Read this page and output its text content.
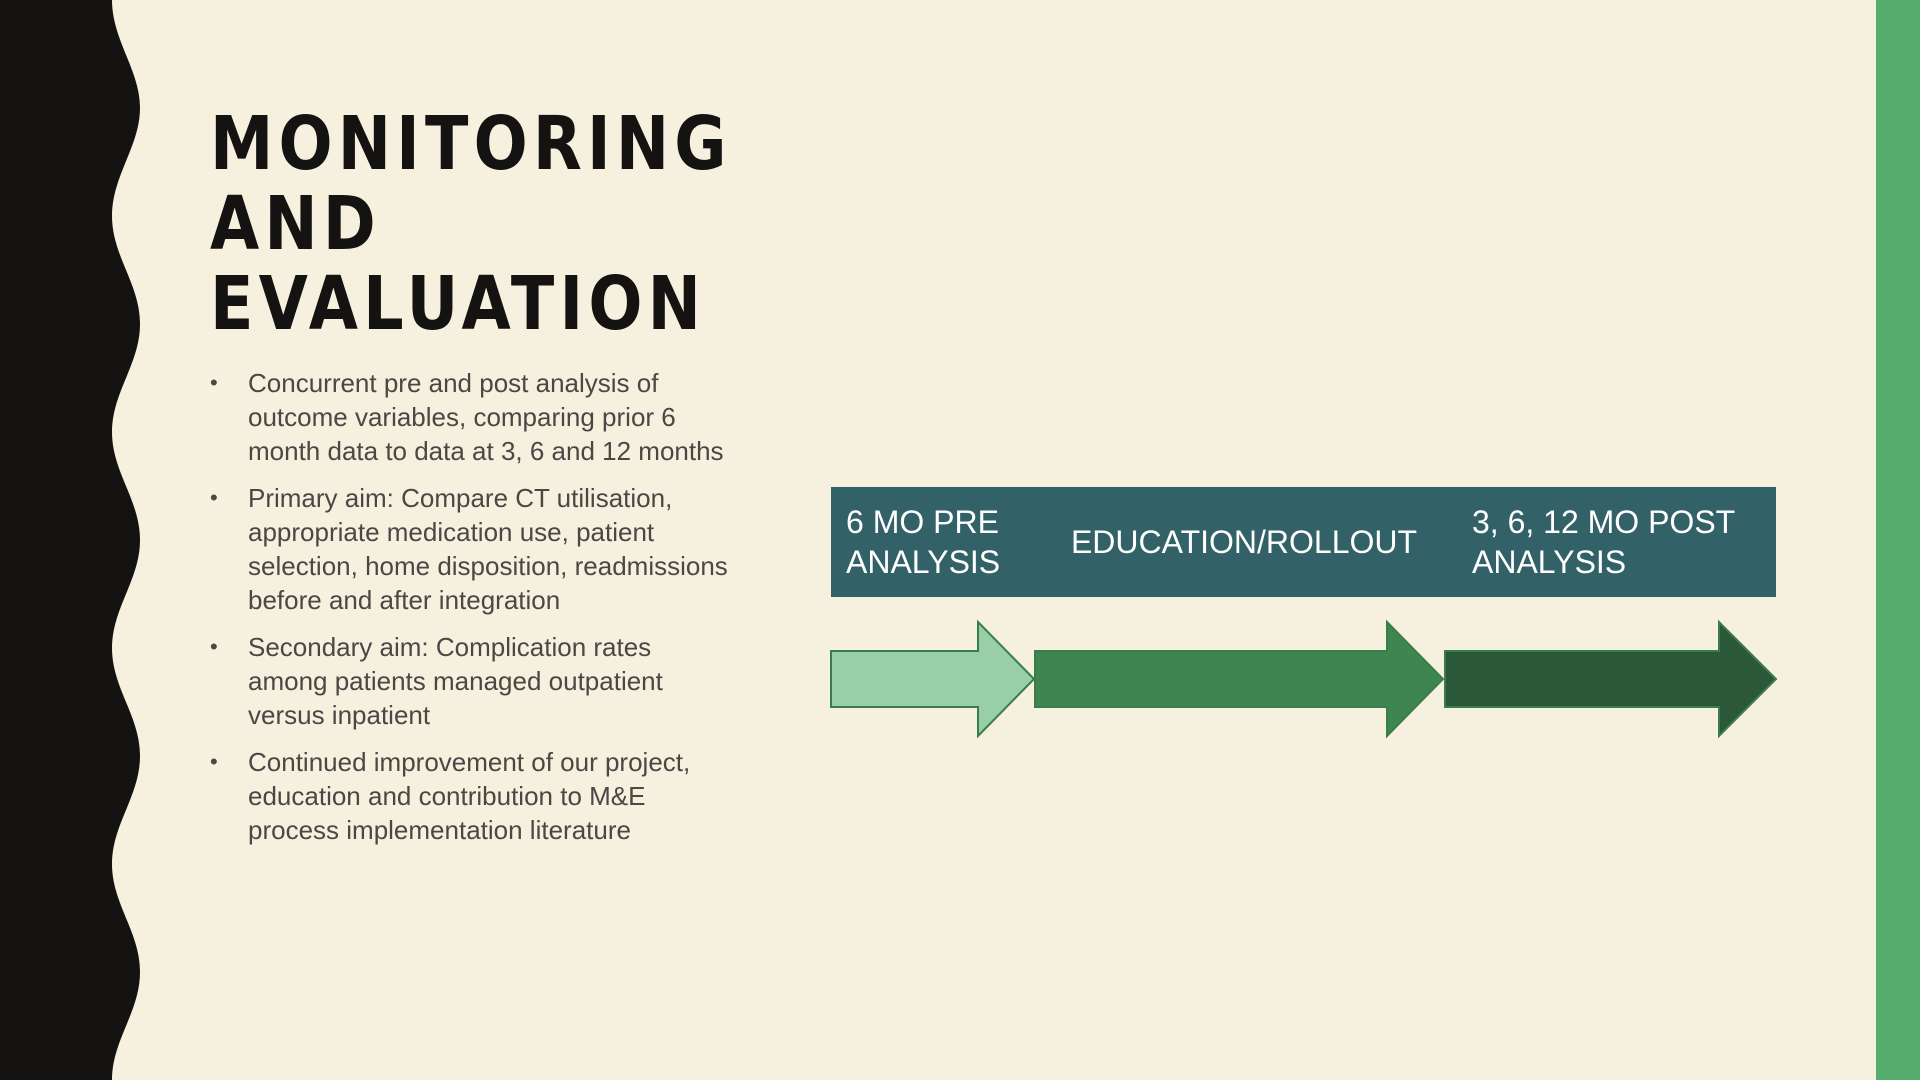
MONITORING
AND
EVALUATION
•	Concurrent pre and post analysis of outcome variables, comparing prior 6 month data to data at 3, 6 and 12 months
•	Primary aim: Compare CT utilisation, appropriate medication use, patient selection, home disposition, readmissions before and after integration
•	Secondary aim: Complication rates among patients managed outpatient versus inpatient
•	Continued improvement of our project, education and contribution to M&E process implementation literature
6 MO PRE ANALYSIS
EDUCATION/ROLLOUT
3, 6, 12 MO POST ANALYSIS
